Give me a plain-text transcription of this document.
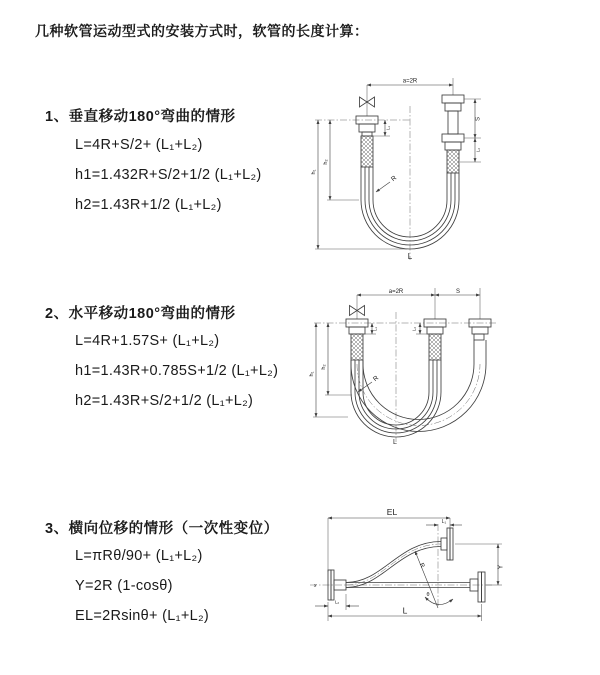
几种软管运动型式的安装方式时，软管的长度计算：
1、垂直移动180°弯曲的情形
L=4R+S/2+ (L₁+L₂)
h1=1.432R+S/2+1/2 (L₁+L₂)
h2=1.43R+1/2 (L₁+L₂)
a=2R
h₁
h₂
L₁
S
L₂
R
L
2、水平移动180°弯曲的情形
L=4R+1.57S+ (L₁+L₂)
h1=1.43R+0.785S+1/2 (L₁+L₂)
h2=1.43R+S/2+1/2 (L₁+L₂)
a=2R	S
h₁
h₂
L₁	L₂
R
L
3、横向位移的情形（一次性变位）
L=πRθ/90+ (L₁+L₂)
Y=2R (1-cosθ)
EL=2Rsinθ+ (L₁+L₂)
x
EL
L₁
R
θ
Y
L
L₂
